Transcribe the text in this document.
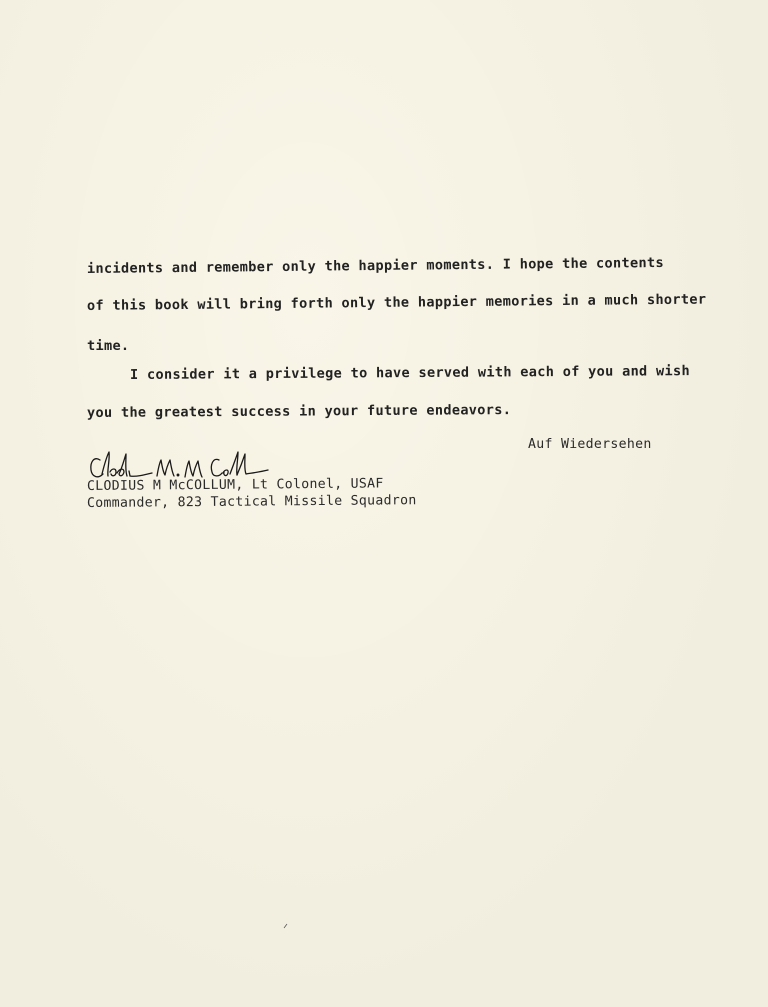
incidents and remember only the happier moments. I hope the contents
of this book will bring forth only the happier memories in a much shorter
time.
I consider it a privilege to have served with each of you and wish
you the greatest success in your future endeavors.
Auf Wiedersehen
CLODIUS M McCOLLUM, Lt Colonel, USAF
Commander, 823 Tactical Missile Squadron
